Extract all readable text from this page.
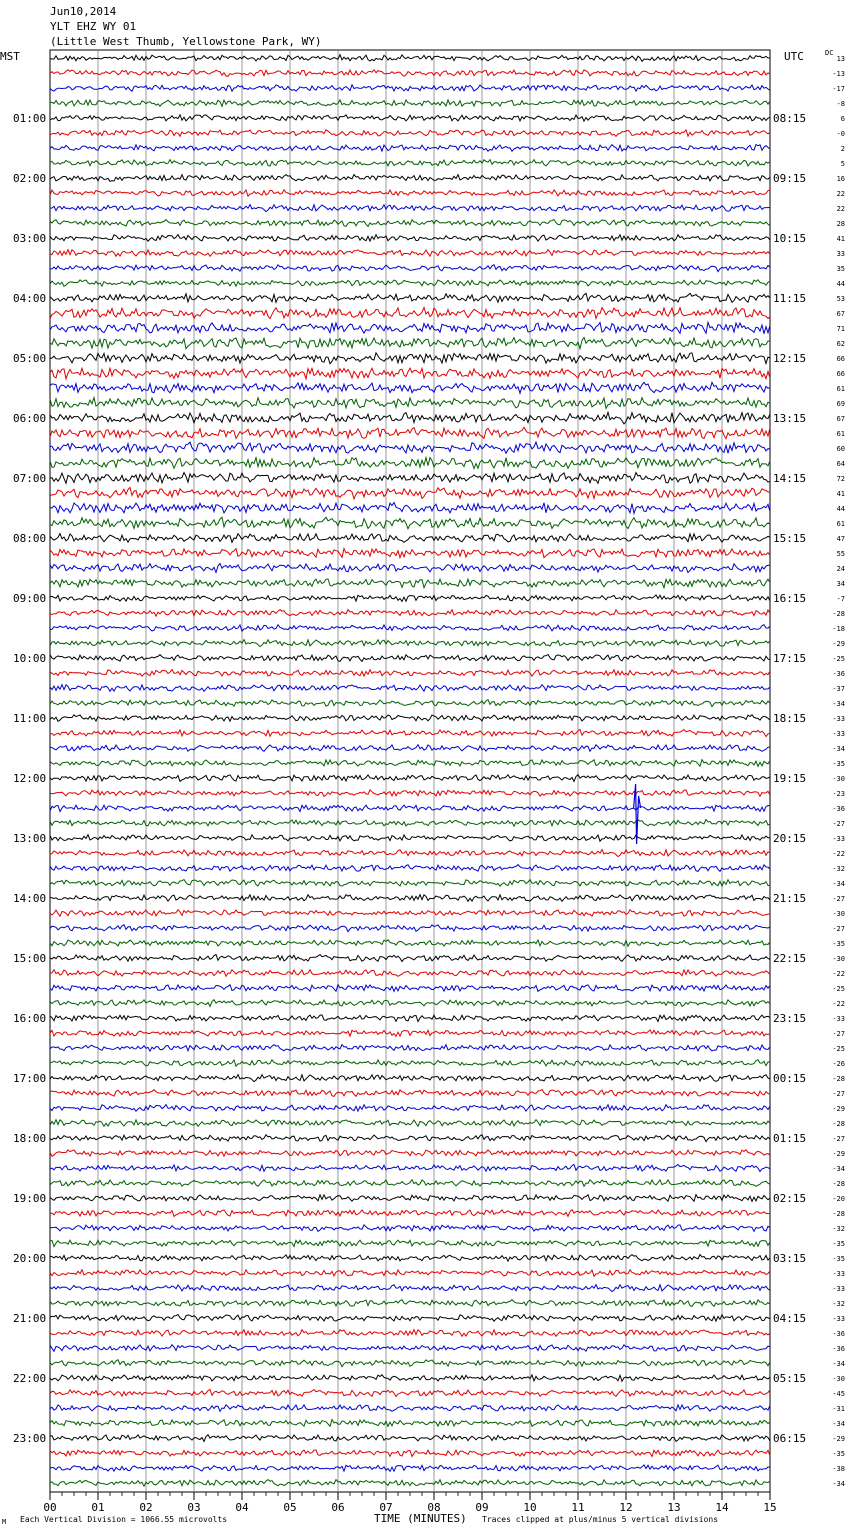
Jun10,2014
YLT EHZ WY 01
(Little West Thumb, Yellowstone Park, WY)
MST	UTC	DC
00	01	02	03	04	05	06	07	08	09	10	11	12	13	14	15
13
-13
-17
-8
6
-0
2
5
16
22
22
28
41
33
35
44
53
67
71
62
66
66
61
69
67
61
60
64
72
41
44
61
47
55
24
34
-7
-28
-18
-29
-25
-36
-37
-34
-33
-33
-34
-35
-30
-23
-36
-27
-33
-22
-32
-34
-27
-30
-27
-35
-30
-22
-25
-22
-33
-27
-25
-26
-28
-27
-29
-28
-27
-29
-34
-28
-20
-28
-32
-35
-35
-33
-33
-32
-33
-36
-36
-34
-30
-45
-31
-34
-29
-35
-38
-34
01:00
02:00
03:00
04:00
05:00
06:00
07:00
08:00
09:00
10:00
11:00
12:00
13:00
14:00
15:00
16:00
17:00
18:00
19:00
20:00
21:00
22:00
23:00
08:15
09:15
10:15
11:15
12:15
13:15
14:15
15:15
16:15
17:15
18:15
19:15
20:15
21:15
22:15
23:15
00:15
01:15
02:15
03:15
04:15
05:15
06:15
M Each Vertical Division = 1066.55 microvolts	TIME (MINUTES) Traces clipped at plus/minus 5 vertical divisions
